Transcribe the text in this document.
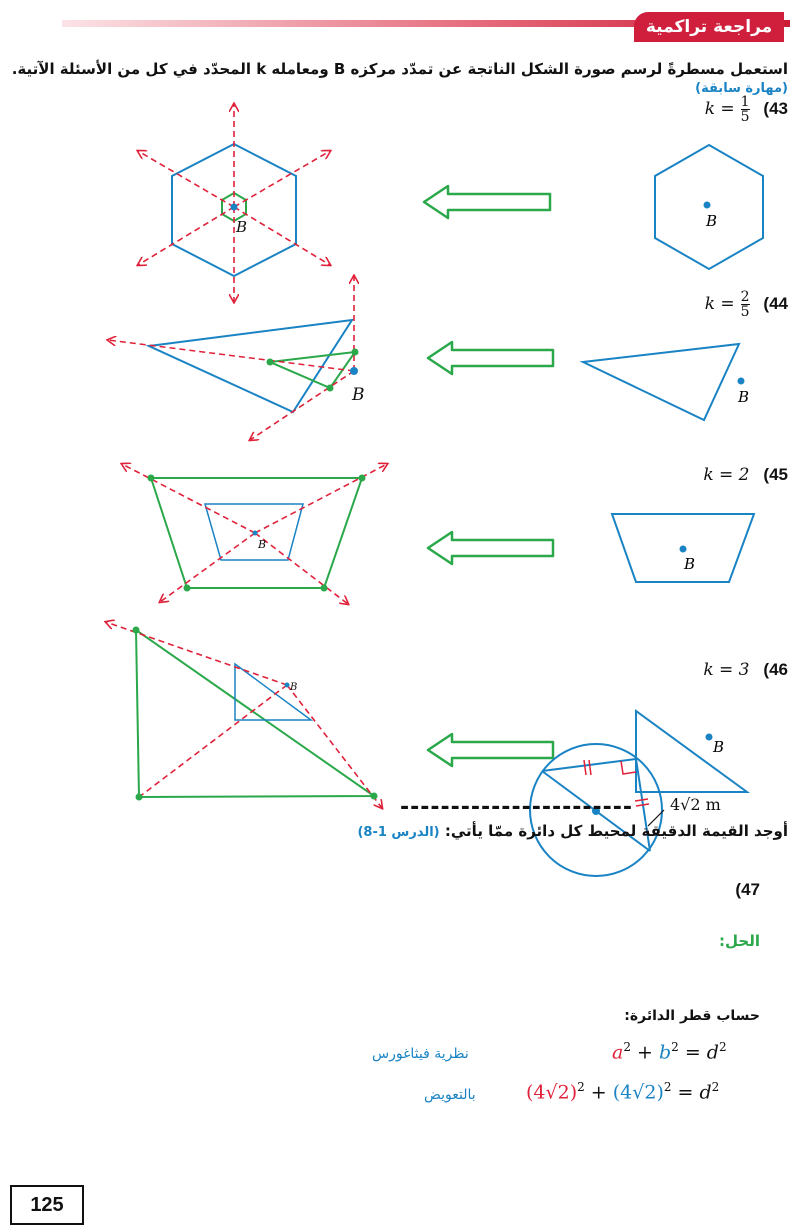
مراجعة تراكمية
استعمل مسطرةً لرسم صورة الشكل الناتجة عن تمدّد مركزه B ومعامله k المحدّد في كل من الأسئلة الآتية. (مهارة سابقة)
$k = \frac{1}{5} (43$
$k = \frac{2}{5} (44$
k = 2 (45
k = 3 (46
B
B
B
B
B
B
B
B
-----------------------
أوجد القيمة الدقيقة لمحيط كل دائرة ممّا يأتي: (الدرس 1-8)
(47
4√2 m
الحل:
حساب قطر الدائرة:
$a^2 + b^2 = d^2$
نظرية فيثاغورس
$(4√2)^2 + (4√2)^2 = d^2$
بالتعويض
125
